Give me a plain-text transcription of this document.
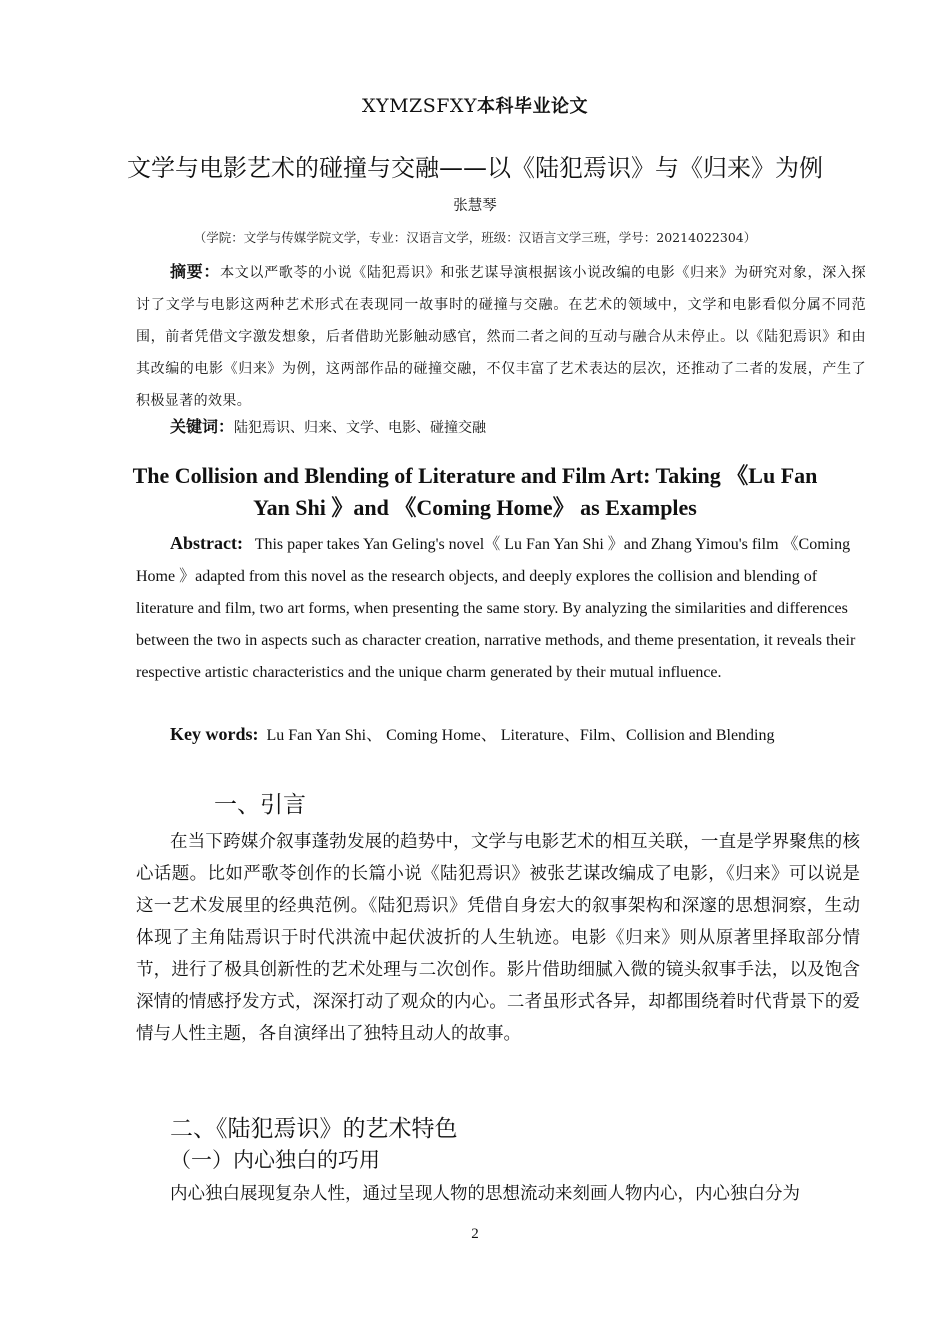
XYMZSFXY本科毕业论文
文学与电影艺术的碰撞与交融——以《陆犯焉识》与《归来》为例
张慧琴
（学院：文学与传媒学院文学，专业：汉语言文学，班级：汉语言文学三班，学号：20214022304）
摘要：本文以严歌苓的小说《陆犯焉识》和张艺谋导演根据该小说改编的电影《归来》为研究对象，深入探讨了文学与电影这两种艺术形式在表现同一故事时的碰撞与交融。在艺术的领域中，文学和电影看似分属不同范围，前者凭借文字激发想象，后者借助光影触动感官，然而二者之间的互动与融合从未停止。以《陆犯焉识》和由其改编的电影《归来》为例，这两部作品的碰撞交融，不仅丰富了艺术表达的层次，还推动了二者的发展，产生了积极显著的效果。
关键词：陆犯焉识、归来、文学、电影、碰撞交融
The Collision and Blending of Literature and Film Art: Taking 《Lu Fan Yan Shi 》and 《Coming Home》 as Examples
Abstract: This paper takes Yan Geling's novel《 Lu Fan Yan Shi 》and Zhang Yimou's film 《Coming Home 》adapted from this novel as the research objects, and deeply explores the collision and blending of literature and film, two art forms, when presenting the same story. By analyzing the similarities and differences between the two in aspects such as character creation, narrative methods, and theme presentation, it reveals their respective artistic characteristics and the unique charm generated by their mutual influence.
Key words: Lu Fan Yan Shi、 Coming Home、 Literature、Film、Collision and Blending
一、引言
在当下跨媒介叙事蓬勃发展的趋势中，文学与电影艺术的相互关联，一直是学界聚焦的核心话题。比如严歌苓创作的长篇小说《陆犯焉识》被张艺谋改编成了电影，《归来》可以说是这一艺术发展里的经典范例。《陆犯焉识》凭借自身宏大的叙事架构和深邃的思想洞察，生动体现了主角陆焉识于时代洪流中起伏波折的人生轨迹。电影《归来》则从原著里择取部分情节，进行了极具创新性的艺术处理与二次创作。影片借助细腻入微的镜头叙事手法，以及饱含深情的情感抒发方式，深深打动了观众的内心。二者虽形式各异，却都围绕着时代背景下的爱情与人性主题，各自演绎出了独特且动人的故事。
二、《陆犯焉识》的艺术特色
（一）内心独白的巧用
内心独白展现复杂人性，通过呈现人物的思想流动来刻画人物内心，内心独白分为
2
